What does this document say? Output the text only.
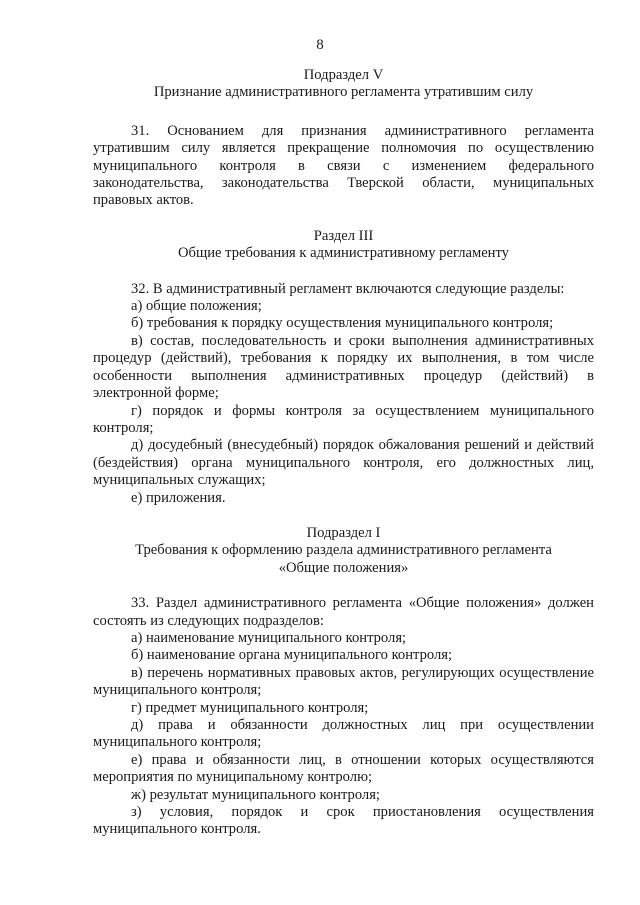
8

Подраздел V

Признание административного регламента утратившим силу

31. Основанием для признания административного регламента утратившим силу является прекращение полномочия по осуществлению муниципального контроля в связи с изменением федерального законодательства, законодательства Тверской области, муниципальных правовых актов.

Раздел III

Общие требования к административному регламенту

32. В административный регламент включаются следующие разделы:

а) общие положения;

б) требования к порядку осуществления муниципального контроля;

в) состав, последовательность и сроки выполнения административных процедур (действий), требования к порядку их выполнения, в том числе особенности выполнения административных процедур (действий) в электронной форме;

г) порядок и формы контроля за осуществлением муниципального контроля;

д) досудебный (внесудебный) порядок обжалования решений и действий (бездействия) органа муниципального контроля, его должностных лиц, муниципальных служащих;

е) приложения.

Подраздел I

Требования к оформлению раздела административного регламента

«Общие положения»

33. Раздел административного регламента «Общие положения» должен состоять из следующих подразделов:

а) наименование муниципального контроля;

б) наименование органа муниципального контроля;

в) перечень нормативных правовых актов, регулирующих осуществление муниципального контроля;

г) предмет муниципального контроля;

д) права и обязанности должностных лиц при осуществлении муниципального контроля;

е) права и обязанности лиц, в отношении которых осуществляются мероприятия по муниципальному контролю;

ж) результат муниципального контроля;

з) условия, порядок и срок приостановления осуществления муниципального контроля.
